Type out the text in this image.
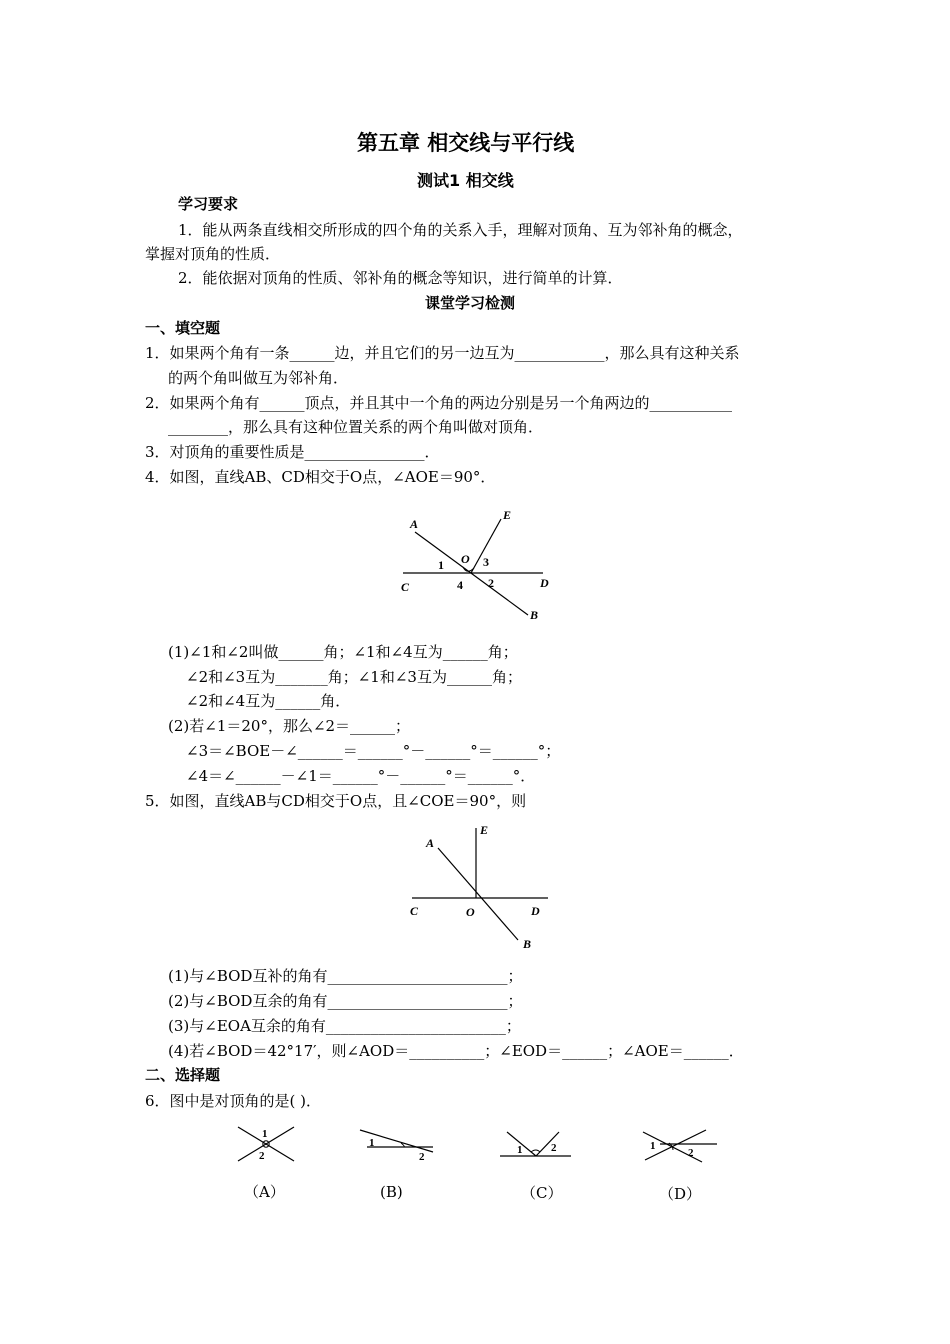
第五章 相交线与平行线
测试1 相交线
学习要求
1．能从两条直线相交所形成的四个角的关系入手，理解对顶角、互为邻补角的概念，
掌握对顶角的性质．
2．能依据对顶角的性质、邻补角的概念等知识，进行简单的计算．
课堂学习检测
一、填空题
1．如果两个角有一条______边，并且它们的另一边互为____________，那么具有这种关系
的两个角叫做互为邻补角．
2．如果两个角有______顶点，并且其中一个角的两边分别是另一个角两边的___________
________，那么具有这种位置关系的两个角叫做对顶角．
3．对顶角的重要性质是________________．
4．如图，直线AB、CD相交于O点，∠AOE＝90°．
A
E
O
1	3
C	4 2	D
B
(1)∠1和∠2叫做______角；∠1和∠4互为______角；
∠2和∠3互为_______角；∠1和∠3互为______角；
∠2和∠4互为______角．
(2)若∠1＝20°，那么∠2＝______；
∠3＝∠BOE－∠______＝______°－______°＝______°；
∠4＝∠______－∠1＝______°－______°＝______°．
5．如图，直线AB与CD相交于O点，且∠COE＝90°，则
A
E
C	O	D
B
(1)与∠BOD互补的角有________________________；
(2)与∠BOD互余的角有________________________；
(3)与∠EOA互余的角有________________________；
(4)若∠BOD＝42°17′，则∠AOD＝__________；∠EOD＝______；∠AOE＝______．
二、选择题
6．图中是对顶角的是( )．
1
2
1
2
1	2	1
2
（A）	(B)	（C）	（D）
